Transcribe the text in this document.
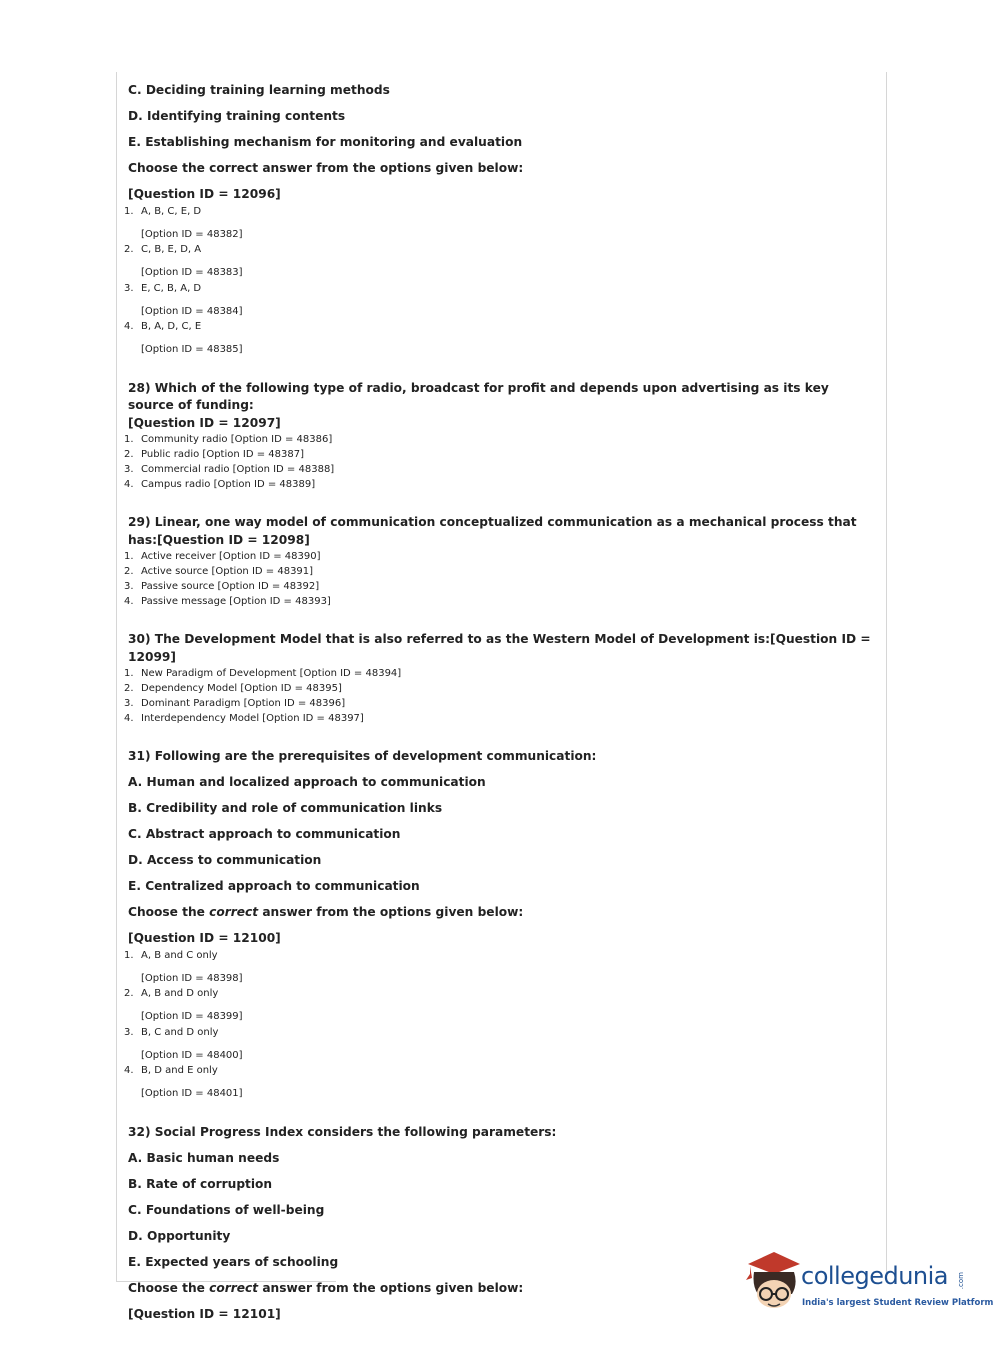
C. Deciding training learning methods

D. Identifying training contents

E. Establishing mechanism for monitoring and evaluation

Choose the correct answer from the options given below:

[Question ID = 12096]

1. A, B, C, E, D
[Option ID = 48382]
2. C, B, E, D, A
[Option ID = 48383]
3. E, C, B, A, D
[Option ID = 48384]
4. B, A, D, C, E
[Option ID = 48385]

28) Which of the following type of radio, broadcast for profit and depends upon advertising as its key source of funding:

[Question ID = 12097]

1. Community radio [Option ID = 48386]
2. Public radio [Option ID = 48387]
3. Commercial radio [Option ID = 48388]
4. Campus radio [Option ID = 48389]

29) Linear, one way model of communication conceptualized communication as a mechanical process that has:[Question ID = 12098]

1. Active receiver [Option ID = 48390]
2. Active source [Option ID = 48391]
3. Passive source [Option ID = 48392]
4. Passive message [Option ID = 48393]

30) The Development Model that is also referred to as the Western Model of Development is:[Question ID = 12099]

1. New Paradigm of Development [Option ID = 48394]
2. Dependency Model [Option ID = 48395]
3. Dominant Paradigm [Option ID = 48396]
4. Interdependency Model [Option ID = 48397]

31) Following are the prerequisites of development communication:

A. Human and localized approach to communication

B. Credibility and role of communication links

C. Abstract approach to communication

D. Access to communication

E. Centralized approach to communication

Choose the correct answer from the options given below:

[Question ID = 12100]

1. A, B and C only
[Option ID = 48398]
2. A, B and D only
[Option ID = 48399]
3. B, C and D only
[Option ID = 48400]
4. B, D and E only
[Option ID = 48401]

32) Social Progress Index considers the following parameters:

A. Basic human needs

B. Rate of corruption

C. Foundations of well-being

D. Opportunity

E. Expected years of schooling

Choose the correct answer from the options given below:

[Question ID = 12101]

collegedunia .com
India's largest Student Review Platform
